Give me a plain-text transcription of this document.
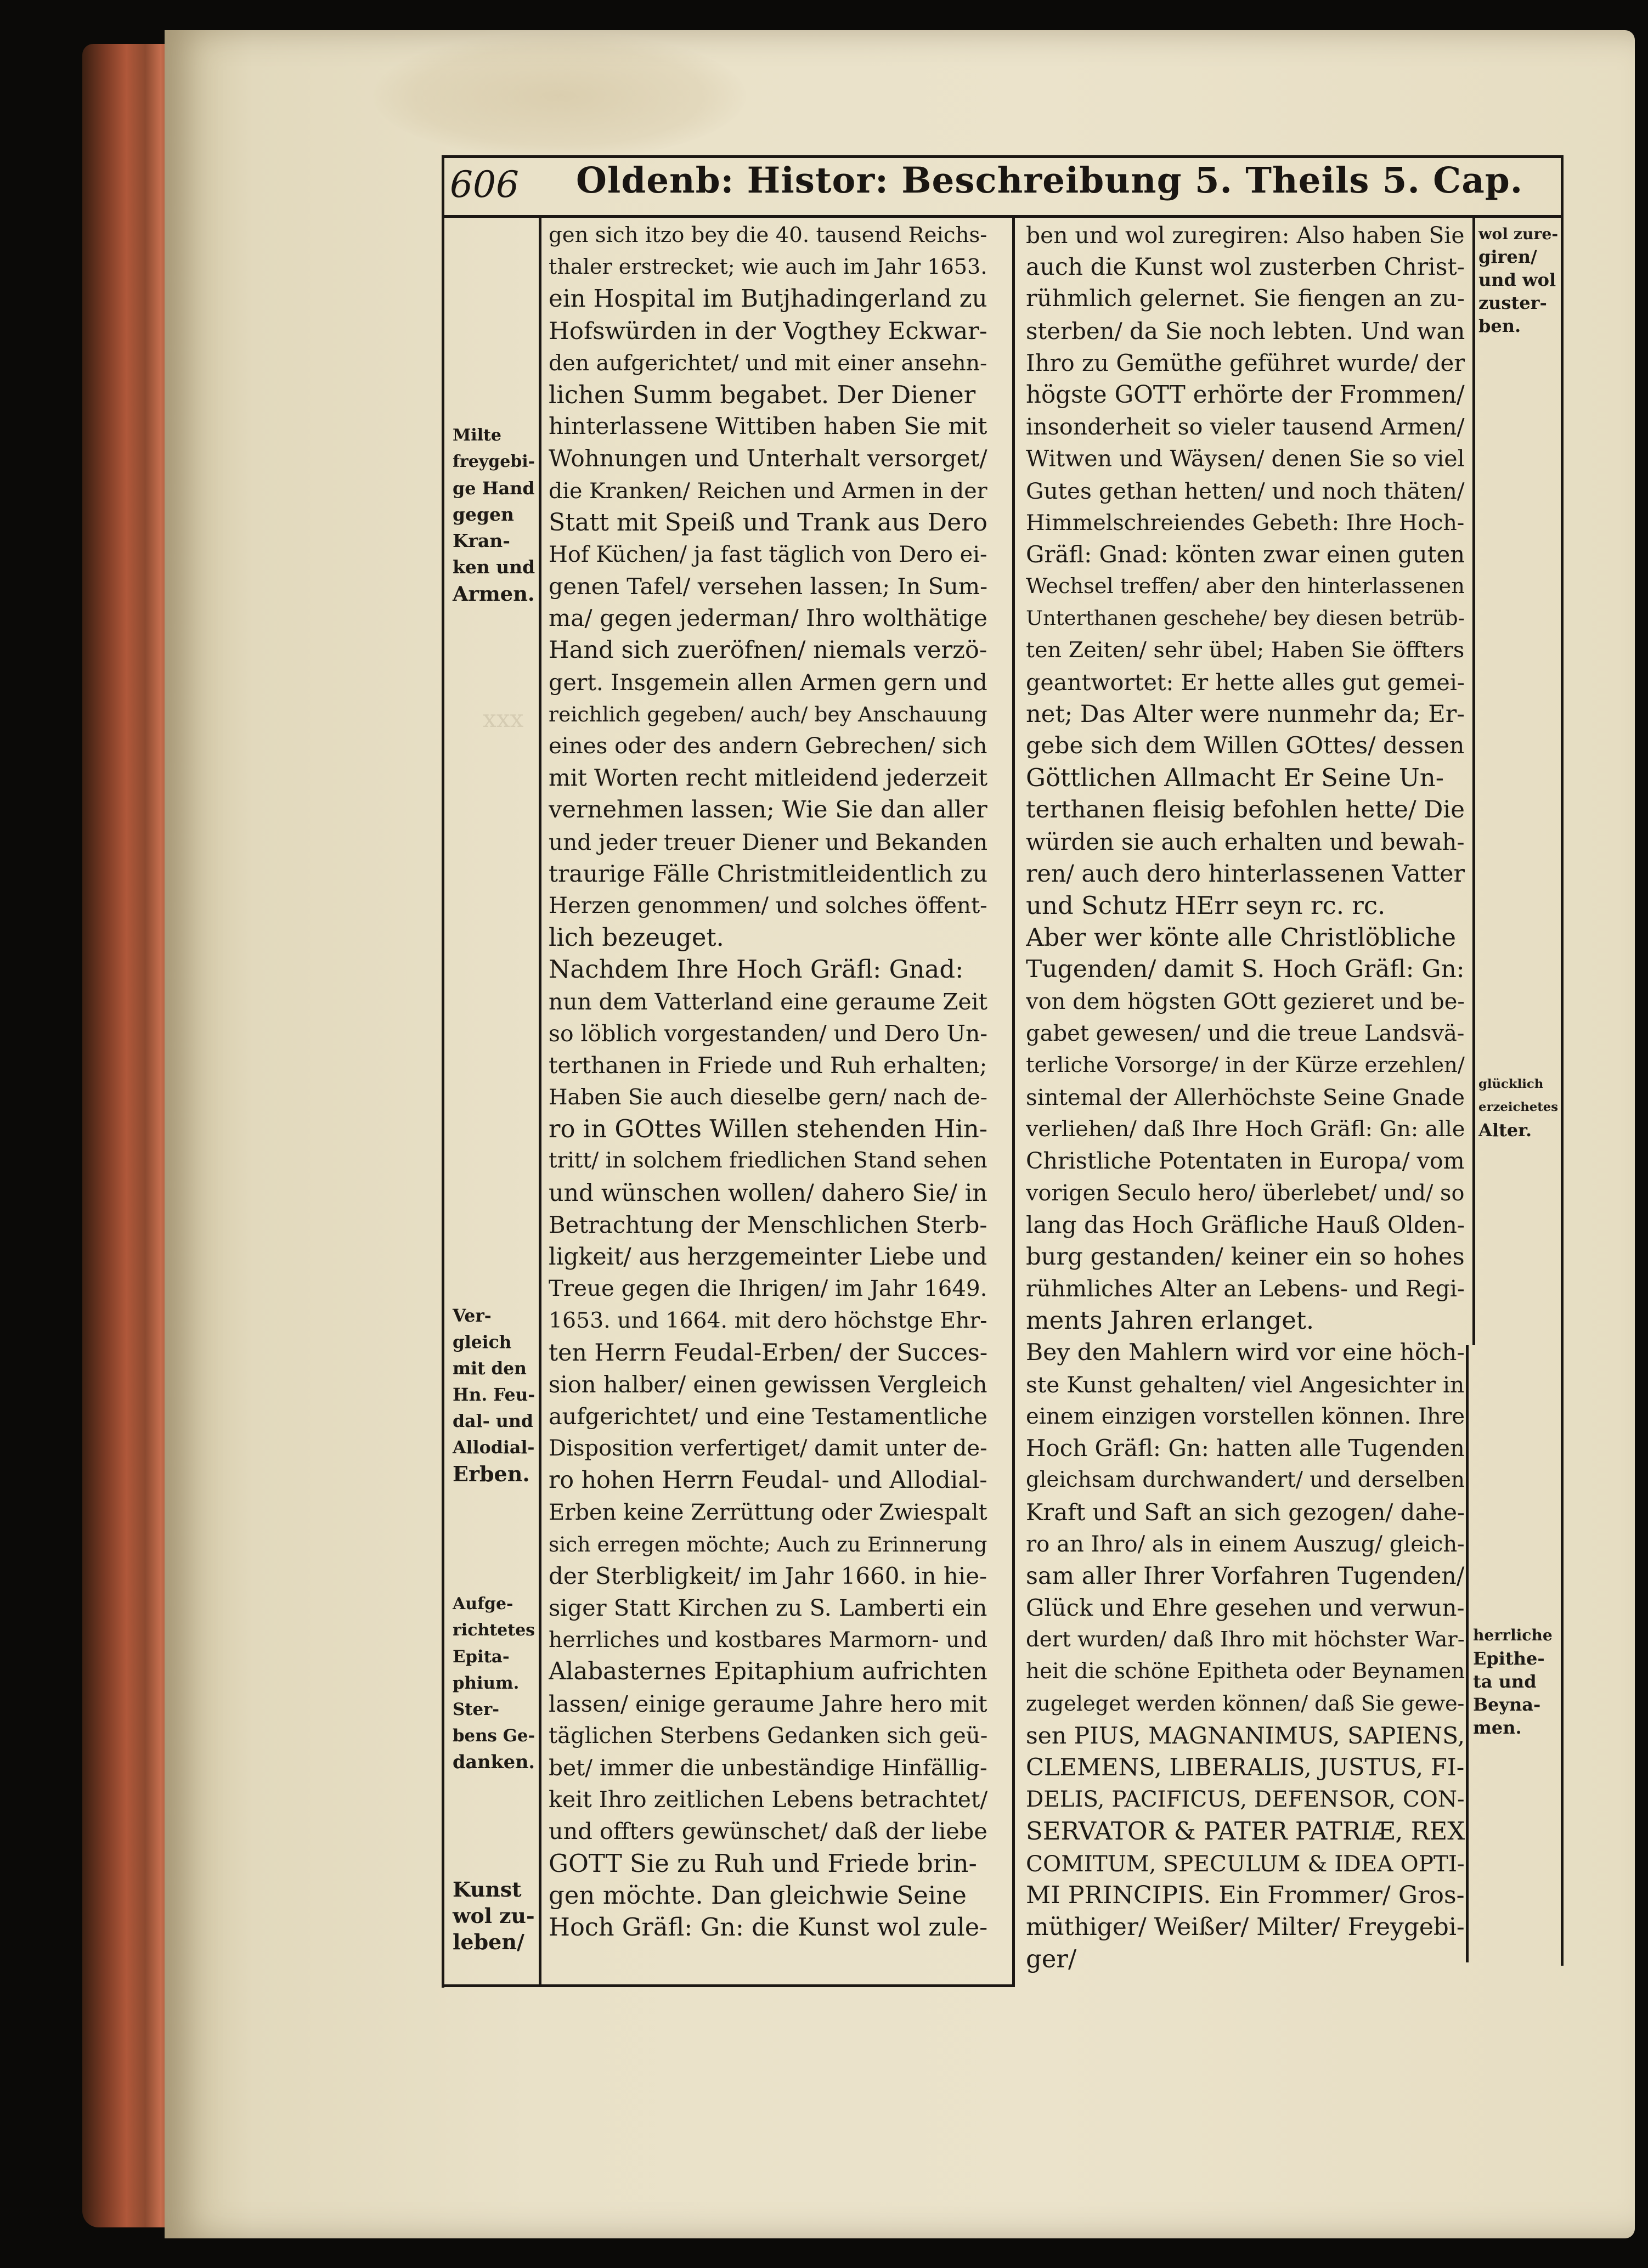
606 Oldenb: Histor: Beschreibung 5. Theils 5. Cap.
xxx
Milte
freygebi-
ge Hand
gegen
Kran-
ken und
Armen.
Ver-
gleich
mit den
Hn. Feu-
dal- und
Allodial-
Erben.
Aufge-
richtetes
Epita-
phium.
Ster-
bens Ge-
danken.
Kunst
wol zu-
leben/
wol zure-
giren/
und wol
zuster-
ben.
glücklich
erzeichetes
Alter.
herrliche
Epithe-
ta und
Beyna-
men.
gen sich itzo bey die 40. tausend Reichs-
thaler erstrecket; wie auch im Jahr 1653.
ein Hospital im Butjhadingerland zu
Hofswürden in der Vogthey Eckwar-
den aufgerichtet/ und mit einer ansehn-
lichen Summ begabet. Der Diener
hinterlassene Wittiben haben Sie mit
Wohnungen und Unterhalt versorget/
die Kranken/ Reichen und Armen in der
Statt mit Speiß und Trank aus Dero
Hof Küchen/ ja fast täglich von Dero ei-
genen Tafel/ versehen lassen; In Sum-
ma/ gegen jederman/ Ihro wolthätige
Hand sich zueröfnen/ niemals verzö-
gert. Insgemein allen Armen gern und
reichlich gegeben/ auch/ bey Anschauung
eines oder des andern Gebrechen/ sich
mit Worten recht mitleidend jederzeit
vernehmen lassen; Wie Sie dan aller
und jeder treuer Diener und Bekanden
traurige Fälle Christmitleidentlich zu
Herzen genommen/ und solches öffent-
lich bezeuget.
Nachdem Ihre Hoch Gräfl: Gnad:
nun dem Vatterland eine geraume Zeit
so löblich vorgestanden/ und Dero Un-
terthanen in Friede und Ruh erhalten;
Haben Sie auch dieselbe gern/ nach de-
ro in GOttes Willen stehenden Hin-
tritt/ in solchem friedlichen Stand sehen
und wünschen wollen/ dahero Sie/ in
Betrachtung der Menschlichen Sterb-
ligkeit/ aus herzgemeinter Liebe und
Treue gegen die Ihrigen/ im Jahr 1649.
1653. und 1664. mit dero höchstge Ehr-
ten Herrn Feudal-Erben/ der Succes-
sion halber/ einen gewissen Vergleich
aufgerichtet/ und eine Testamentliche
Disposition verfertiget/ damit unter de-
ro hohen Herrn Feudal- und Allodial-
Erben keine Zerrüttung oder Zwiespalt
sich erregen möchte; Auch zu Erinnerung
der Sterbligkeit/ im Jahr 1660. in hie-
siger Statt Kirchen zu S. Lamberti ein
herrliches und kostbares Marmorn- und
Alabasternes Epitaphium aufrichten
lassen/ einige geraume Jahre hero mit
täglichen Sterbens Gedanken sich geü-
bet/ immer die unbeständige Hinfällig-
keit Ihro zeitlichen Lebens betrachtet/
und offters gewünschet/ daß der liebe
GOTT Sie zu Ruh und Friede brin-
gen möchte. Dan gleichwie Seine
Hoch Gräfl: Gn: die Kunst wol zule-
ben und wol zuregiren: Also haben Sie
auch die Kunst wol zusterben Christ-
rühmlich gelernet. Sie fiengen an zu-
sterben/ da Sie noch lebten. Und wan
Ihro zu Gemüthe geführet wurde/ der
högste GOTT erhörte der Frommen/
insonderheit so vieler tausend Armen/
Witwen und Wäysen/ denen Sie so viel
Gutes gethan hetten/ und noch thäten/
Himmelschreiendes Gebeth: Ihre Hoch-
Gräfl: Gnad: könten zwar einen guten
Wechsel treffen/ aber den hinterlassenen
Unterthanen geschehe/ bey diesen betrüb-
ten Zeiten/ sehr übel; Haben Sie öffters
geantwortet: Er hette alles gut gemei-
net; Das Alter were nunmehr da; Er-
gebe sich dem Willen GOttes/ dessen
Göttlichen Allmacht Er Seine Un-
terthanen fleisig befohlen hette/ Die
würden sie auch erhalten und bewah-
ren/ auch dero hinterlassenen Vatter
und Schutz HErr seyn rc. rc.
Aber wer könte alle Christlöbliche
Tugenden/ damit S. Hoch Gräfl: Gn:
von dem högsten GOtt gezieret und be-
gabet gewesen/ und die treue Landsvä-
terliche Vorsorge/ in der Kürze erzehlen/
sintemal der Allerhöchste Seine Gnade
verliehen/ daß Ihre Hoch Gräfl: Gn: alle
Christliche Potentaten in Europa/ vom
vorigen Seculo hero/ überlebet/ und/ so
lang das Hoch Gräfliche Hauß Olden-
burg gestanden/ keiner ein so hohes
rühmliches Alter an Lebens- und Regi-
ments Jahren erlanget.
Bey den Mahlern wird vor eine höch-
ste Kunst gehalten/ viel Angesichter in
einem einzigen vorstellen können. Ihre
Hoch Gräfl: Gn: hatten alle Tugenden
gleichsam durchwandert/ und derselben
Kraft und Saft an sich gezogen/ dahe-
ro an Ihro/ als in einem Auszug/ gleich-
sam aller Ihrer Vorfahren Tugenden/
Glück und Ehre gesehen und verwun-
dert wurden/ daß Ihro mit höchster War-
heit die schöne Epitheta oder Beynamen
zugeleget werden können/ daß Sie gewe-
sen PIUS, MAGNANIMUS, SAPIENS,
CLEMENS, LIBERALIS, JUSTUS, FI-
DELIS, PACIFICUS, DEFENSOR, CON-
SERVATOR & PATER PATRIÆ, REX
COMITUM, SPECULUM & IDEA OPTI-
MI PRINCIPIS. Ein Frommer/ Gros-
müthiger/ Weißer/ Milter/ Freygebi-
ger/
